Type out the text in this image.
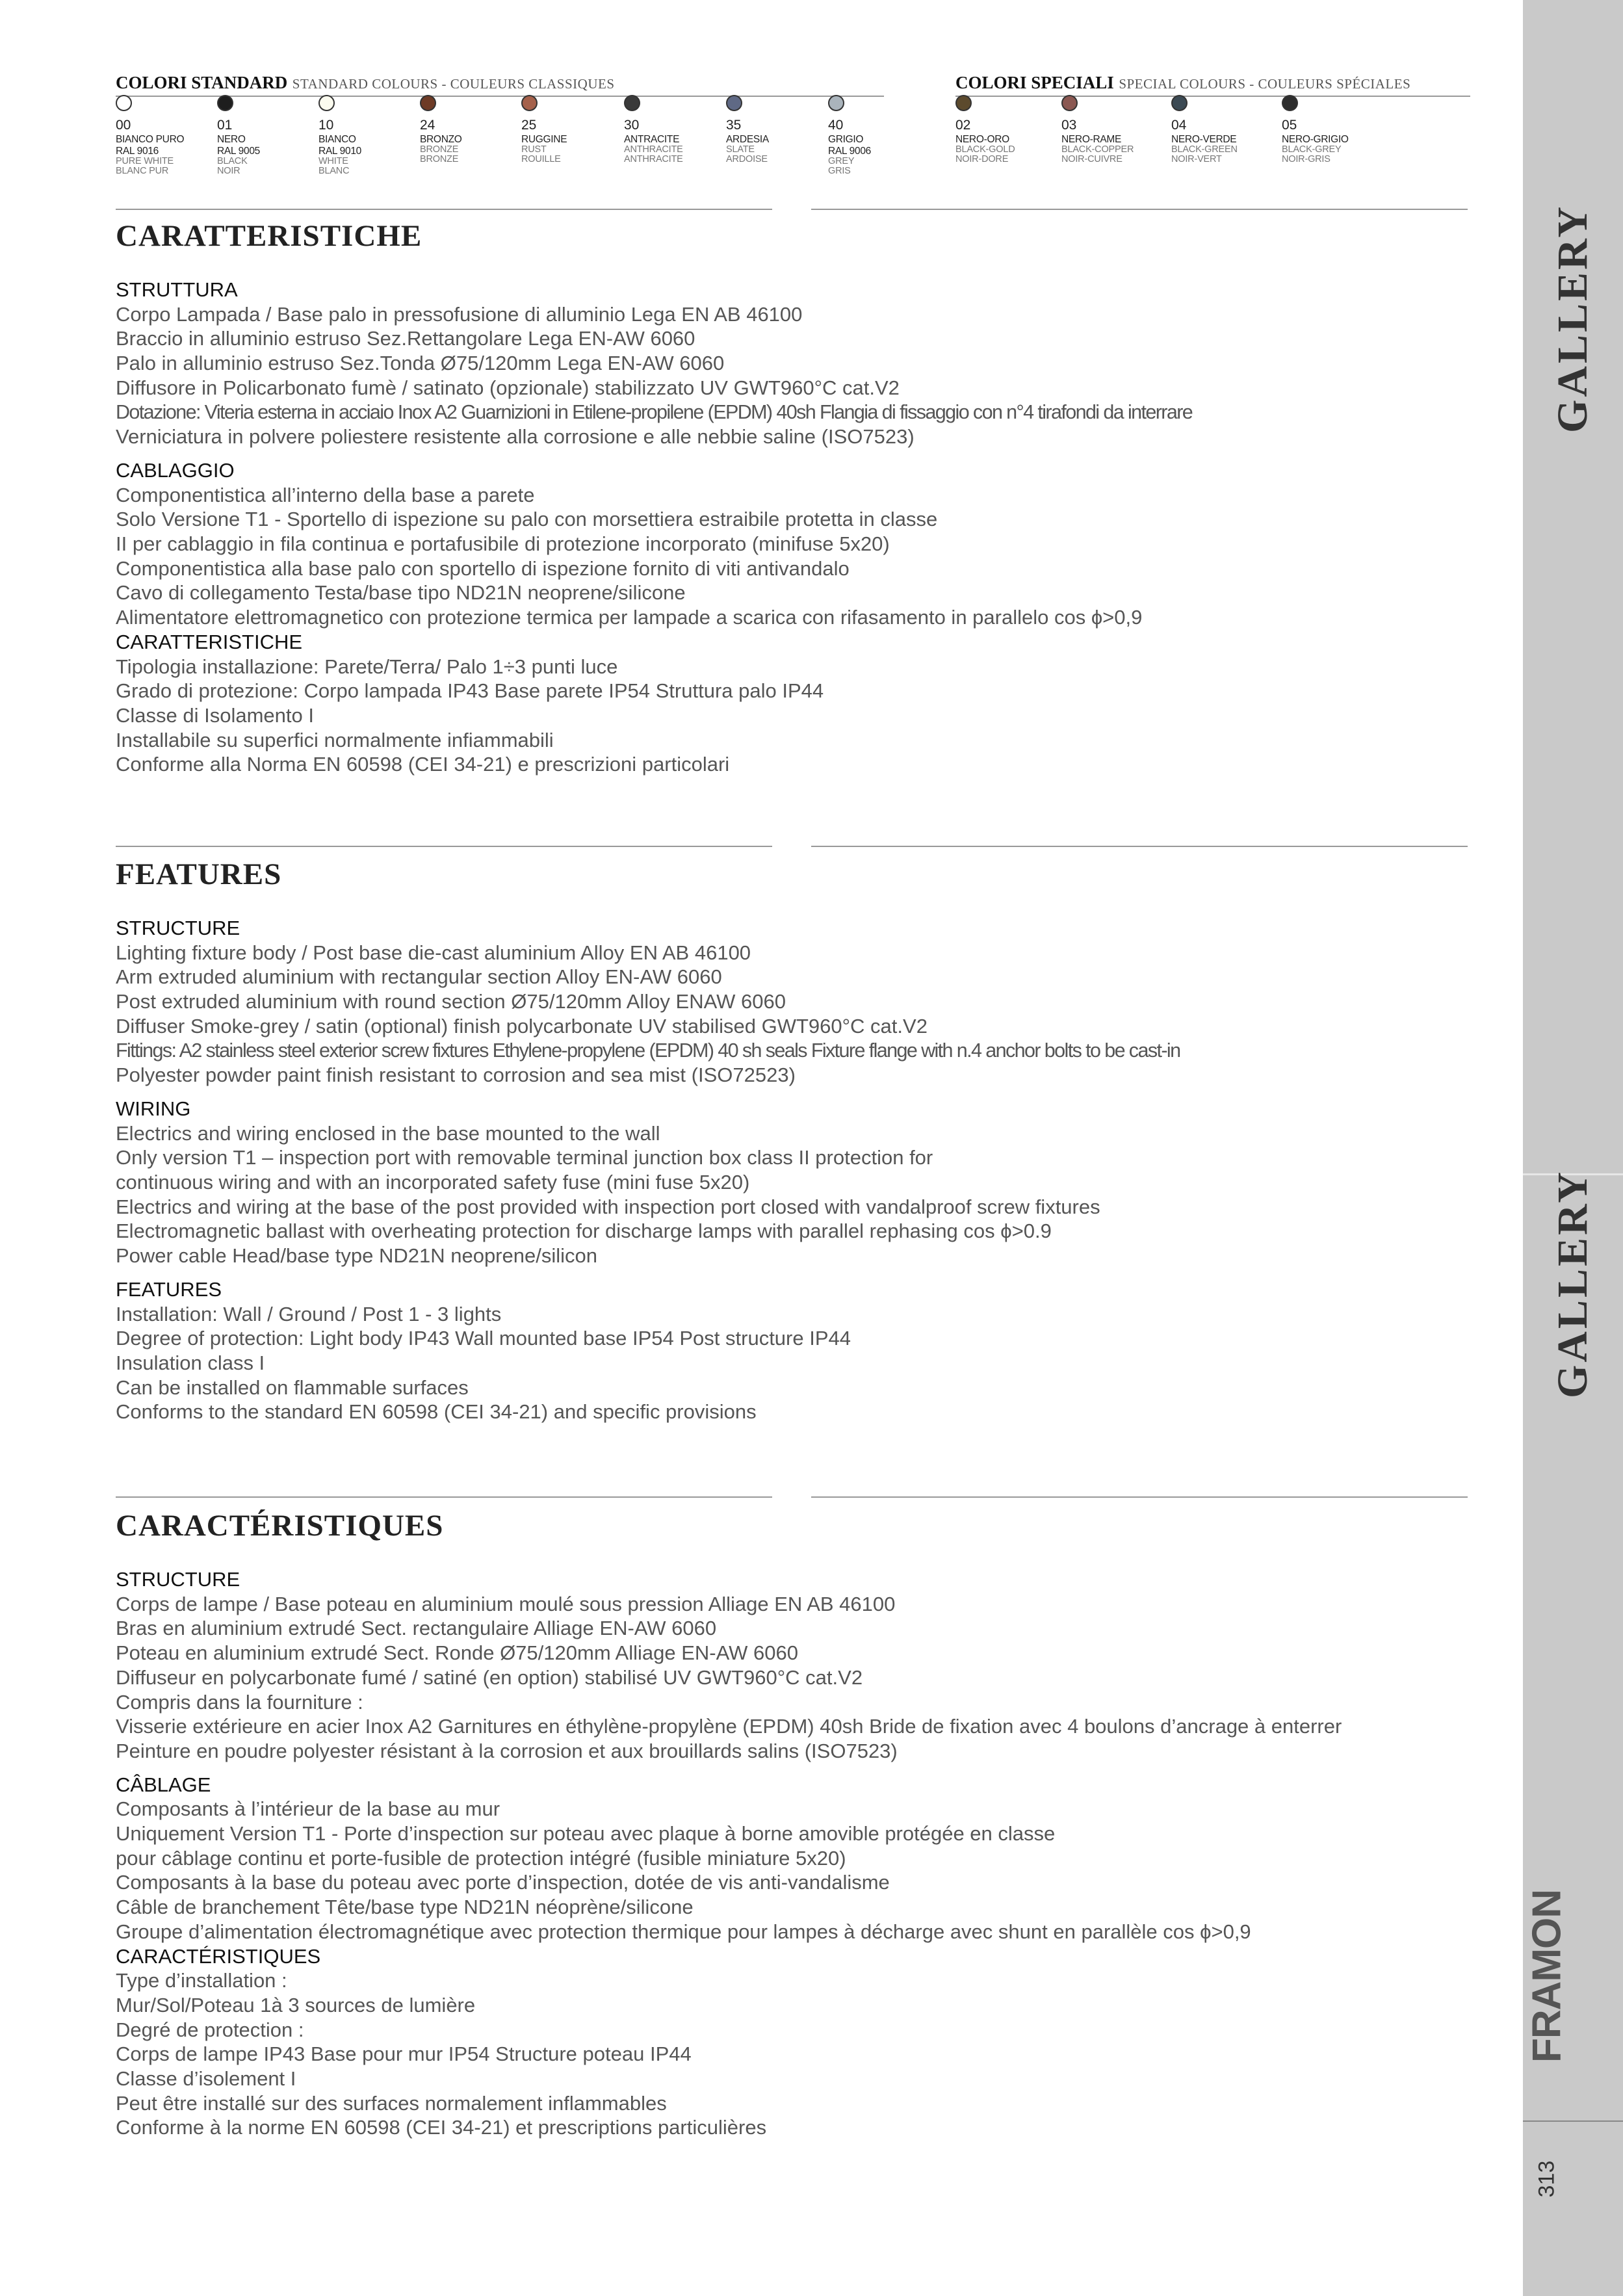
GALLERY
GALLERY
FRAMON
313
COLORI STANDARD STANDARD COLOURS - COULEURS CLASSIQUES	COLORI SPECIALI SPECIAL COLOURS - COULEURS SPÉCIALES
00
BIANCO PURO
RAL 9016
PURE WHITE
BLANC PUR
01
NERO
RAL 9005
BLACK
NOIR
10
BIANCO
RAL 9010
WHITE
BLANC
24
BRONZO
BRONZE
BRONZE
25
RUGGINE
RUST
ROUILLE
30
ANTRACITE
ANTHRACITE
ANTHRACITE
35
ARDESIA
SLATE
ARDOISE
40
GRIGIO
RAL 9006
GREY
GRIS
02
NERO-ORO
BLACK-GOLD
NOIR-DORE
03
NERO-RAME
BLACK-COPPER
NOIR-CUIVRE
04
NERO-VERDE
BLACK-GREEN
NOIR-VERT
05
NERO-GRIGIO
BLACK-GREY
NOIR-GRIS
CARATTERISTICHE
STRUTTURA
Corpo Lampada / Base palo in pressofusione di alluminio Lega EN AB 46100
Braccio in alluminio estruso Sez.Rettangolare Lega EN-AW 6060
Palo in alluminio estruso Sez.Tonda Ø75/120mm Lega EN-AW 6060
Diffusore in Policarbonato fumè / satinato (opzionale) stabilizzato UV GWT960°C cat.V2
Dotazione: Viteria esterna in acciaio Inox A2 Guarnizioni in Etilene-propilene (EPDM) 40sh Flangia di fissaggio con n°4 tirafondi da interrare
Verniciatura in polvere poliestere resistente alla corrosione e alle nebbie saline (ISO7523)
CABLAGGIO
Componentistica all’interno della base a parete
Solo Versione T1 - Sportello di ispezione su palo con morsettiera estraibile protetta in classe
II per cablaggio in fila continua e portafusibile di protezione incorporato (minifuse 5x20)
Componentistica alla base palo con sportello di ispezione fornito di viti antivandalo
Cavo di collegamento Testa/base tipo ND21N neoprene/silicone
Alimentatore elettromagnetico con protezione termica per lampade a scarica con rifasamento in parallelo cos ϕ>0,9
CARATTERISTICHE
Tipologia installazione: Parete/Terra/ Palo 1÷3 punti luce
Grado di protezione: Corpo lampada IP43 Base parete IP54 Struttura palo IP44
Classe di Isolamento I
Installabile su superfici normalmente infiammabili
Conforme alla Norma EN 60598 (CEI 34-21) e prescrizioni particolari
FEATURES
STRUCTURE
Lighting fixture body / Post base die-cast aluminium Alloy EN AB 46100
Arm extruded aluminium with rectangular section Alloy EN-AW 6060
Post extruded aluminium with round section Ø75/120mm Alloy ENAW 6060
Diffuser Smoke-grey / satin (optional) finish polycarbonate UV stabilised GWT960°C cat.V2
Fittings: A2 stainless steel exterior screw fixtures Ethylene-propylene (EPDM) 40 sh seals Fixture flange with n.4 anchor bolts to be cast-in
Polyester powder paint finish resistant to corrosion and sea mist (ISO72523)
WIRING
Electrics and wiring enclosed in the base mounted to the wall
Only version T1 – inspection port with removable terminal junction box class II protection for
continuous wiring and with an incorporated safety fuse (mini fuse 5x20)
Electrics and wiring at the base of the post provided with inspection port closed with vandalproof screw fixtures
Electromagnetic ballast with overheating protection for discharge lamps with parallel rephasing cos ϕ>0.9
Power cable Head/base type ND21N neoprene/silicon
FEATURES
Installation: Wall / Ground / Post 1 - 3 lights
Degree of protection: Light body IP43 Wall mounted base IP54 Post structure IP44
Insulation class I
Can be installed on flammable surfaces
Conforms to the standard EN 60598 (CEI 34-21) and specific provisions
CARACTÉRISTIQUES
STRUCTURE
Corps de lampe / Base poteau en aluminium moulé sous pression Alliage EN AB 46100
Bras en aluminium extrudé Sect. rectangulaire Alliage EN-AW 6060
Poteau en aluminium extrudé Sect. Ronde Ø75/120mm Alliage EN-AW 6060
Diffuseur en polycarbonate fumé / satiné (en option) stabilisé UV GWT960°C cat.V2
Compris dans la fourniture :
Visserie extérieure en acier Inox A2 Garnitures en éthylène-propylène (EPDM) 40sh Bride de fixation avec 4 boulons d’ancrage à enterrer
Peinture en poudre polyester résistant à la corrosion et aux brouillards salins (ISO7523)
CÂBLAGE
Composants à l’intérieur de la base au mur
Uniquement Version T1 - Porte d’inspection sur poteau avec plaque à borne amovible protégée en classe
pour câblage continu et porte-fusible de protection intégré (fusible miniature 5x20)
Composants à la base du poteau avec porte d’inspection, dotée de vis anti-vandalisme
Câble de branchement Tête/base type ND21N néoprène/silicone
Groupe d’alimentation électromagnétique avec protection thermique pour lampes à décharge avec shunt en parallèle cos ϕ>0,9
CARACTÉRISTIQUES
Type d’installation :
Mur/Sol/Poteau 1à 3 sources de lumière
Degré de protection :
Corps de lampe IP43 Base pour mur IP54 Structure poteau IP44
Classe d’isolement I
Peut être installé sur des surfaces normalement inflammables
Conforme à la norme EN 60598 (CEI 34-21) et prescriptions particulières
